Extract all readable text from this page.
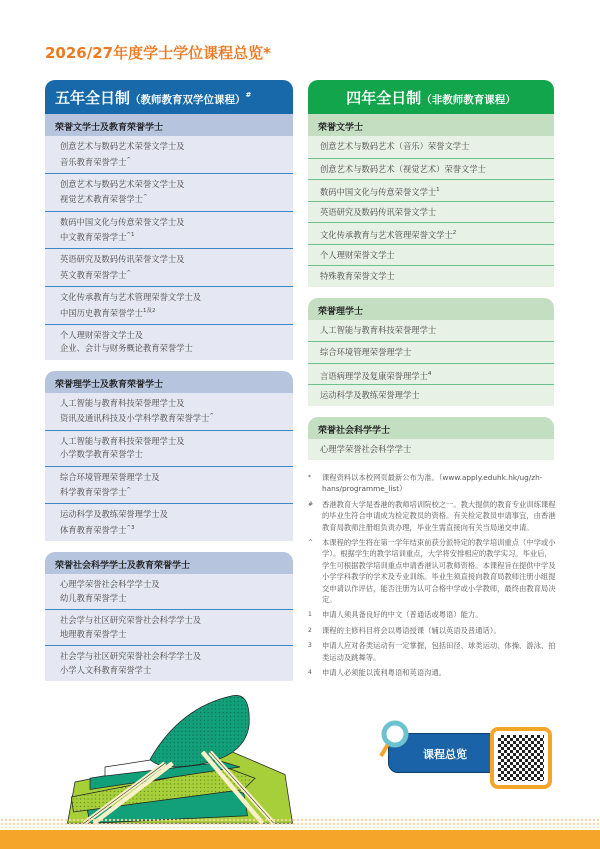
2026/27年度学士学位课程总览*
五年全日制（教师教育双学位课程）#
荣誉文学士及教育荣誉学士
创意艺术与数码艺术荣誉文学士及
音乐教育荣誉学士^
创意艺术与数码艺术荣誉文学士及
视觉艺术教育荣誉学士^
数码中国文化与传意荣誉文学士及
中文教育荣誉学士$^{\^{}1}$
英语研究及数码传讯荣誉文学士及
英文教育荣誉学士^
文化传承教育与艺术管理荣誉文学士及
中国历史教育荣誉学士$^{1及2}$
个人理财荣誉文学士及
企业、会计与财务概论教育荣誉学士
荣誉理学士及教育荣誉学士
人工智能与教育科技荣誉理学士及
资讯及通讯科技及小学科学教育荣誉学士^
人工智能与教育科技荣誉理学士及
小学数学教育荣誉学士
综合环境管理荣誉理学士及
科学教育荣誉学士^
运动科学及教练荣誉理学士及
体育教育荣誉学士$^{\^{}3}$
荣誉社会科学学士及教育荣誉学士
心理学荣誉社会科学学士及
幼儿教育荣誉学士
社会学与社区研究荣誉社会科学学士及
地理教育荣誉学士
社会学与社区研究荣誉社会科学学士及
小学人文科教育荣誉学士
四年全日制（非教师教育课程）
荣誉文学士
创意艺术与数码艺术（音乐）荣誉文学士
创意艺术与数码艺术（视觉艺术）荣誉文学士
数码中国文化与传意荣誉文学士$^1$
英语研究及数码传讯荣誉文学士
文化传承教育与艺术管理荣誉文学士$^2$
个人理财荣誉文学士
特殊教育荣誉文学士
荣誉理学士
人工智能与教育科技荣誉理学士
综合环境管理荣誉理学士
言语病理学及复康荣誉理学士$^4$
运动科学及教练荣誉理学士
荣誉社会科学学士
心理学荣誉社会科学学士
*	课程资料以本校网页最新公布为准。（www.apply.eduhk.hk/ug/zh-hans/programme_list）
#	香港教育大学是香港的教师培训院校之一。教大提供的教育专业训练课程的毕业生符合申请成为检定教员的资格。有关检定教员申请事宜，由香港教育局教师注册组负责办理，毕业生需直接向有关当局递交申请。
^	本课程的学生将在第一学年结束前获分派特定的教学培训重点（中学或小学）。根据学生的教学培训重点，大学将安排相应的教学实习。毕业后，学生可根据教学培训重点申请香港认可教师资格。本课程旨在提供中学及小学学科教学的学术及专业训练。毕业生须直接向教育局教师注册小组提交申请以作评估，能否注册为认可合格中学或小学教师，最终由教育局决定。
1	申请人须具备良好的中文（普通话或粤语）能力。
2	课程的主修科目将会以粤语授课（辅以英语及普通话）。
3	申请人应对各类运动有一定掌握，包括田径、球类运动、体操、游泳、拍类运动及跳舞等。
4	申请人必须能以流利粤语和英语沟通。
课程总览
